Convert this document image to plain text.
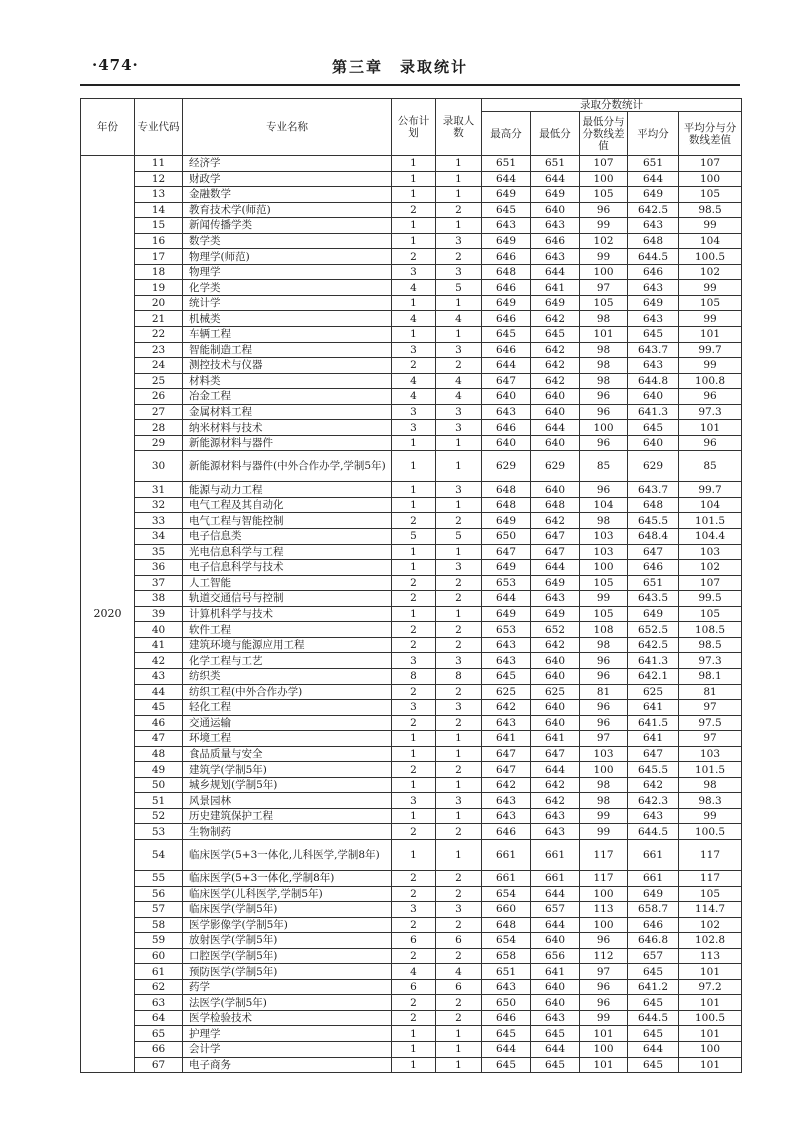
·474·	第三章　录取统计
年份	专业代码	专业名称	公布计划	录取人数	录取分数统计				
					最高分	最低分	最低分与分数线差值	平均分	平均分与分数线差值
2020	11	经济学	1	1	651	651	107	651	107
	12	财政学	1	1	644	644	100	644	100
	13	金融数学	1	1	649	649	105	649	105
	14	教育技术学(师范)	2	2	645	640	96	642.5	98.5
	15	新闻传播学类	1	1	643	643	99	643	99
	16	数学类	1	3	649	646	102	648	104
	17	物理学(师范)	2	2	646	643	99	644.5	100.5
	18	物理学	3	3	648	644	100	646	102
	19	化学类	4	5	646	641	97	643	99
	20	统计学	1	1	649	649	105	649	105
	21	机械类	4	4	646	642	98	643	99
	22	车辆工程	1	1	645	645	101	645	101
	23	智能制造工程	3	3	646	642	98	643.7	99.7
	24	测控技术与仪器	2	2	644	642	98	643	99
	25	材料类	4	4	647	642	98	644.8	100.8
	26	冶金工程	4	4	640	640	96	640	96
	27	金属材料工程	3	3	643	640	96	641.3	97.3
	28	纳米材料与技术	3	3	646	644	100	645	101
	29	新能源材料与器件	1	1	640	640	96	640	96
	30	新能源材料与器件(中外合作办学,学制5年)	1	1	629	629	85	629	85
	31	能源与动力工程	1	3	648	640	96	643.7	99.7
	32	电气工程及其自动化	1	1	648	648	104	648	104
	33	电气工程与智能控制	2	2	649	642	98	645.5	101.5
	34	电子信息类	5	5	650	647	103	648.4	104.4
	35	光电信息科学与工程	1	1	647	647	103	647	103
	36	电子信息科学与技术	1	3	649	644	100	646	102
	37	人工智能	2	2	653	649	105	651	107
	38	轨道交通信号与控制	2	2	644	643	99	643.5	99.5
	39	计算机科学与技术	1	1	649	649	105	649	105
	40	软件工程	2	2	653	652	108	652.5	108.5
	41	建筑环境与能源应用工程	2	2	643	642	98	642.5	98.5
	42	化学工程与工艺	3	3	643	640	96	641.3	97.3
	43	纺织类	8	8	645	640	96	642.1	98.1
	44	纺织工程(中外合作办学)	2	2	625	625	81	625	81
	45	轻化工程	3	3	642	640	96	641	97
	46	交通运输	2	2	643	640	96	641.5	97.5
	47	环境工程	1	1	641	641	97	641	97
	48	食品质量与安全	1	1	647	647	103	647	103
	49	建筑学(学制5年)	2	2	647	644	100	645.5	101.5
	50	城乡规划(学制5年)	1	1	642	642	98	642	98
	51	风景园林	3	3	643	642	98	642.3	98.3
	52	历史建筑保护工程	1	1	643	643	99	643	99
	53	生物制药	2	2	646	643	99	644.5	100.5
	54	临床医学(5+3一体化,儿科医学,学制8年)	1	1	661	661	117	661	117
	55	临床医学(5+3一体化,学制8年)	2	2	661	661	117	661	117
	56	临床医学(儿科医学,学制5年)	2	2	654	644	100	649	105
	57	临床医学(学制5年)	3	3	660	657	113	658.7	114.7
	58	医学影像学(学制5年)	2	2	648	644	100	646	102
	59	放射医学(学制5年)	6	6	654	640	96	646.8	102.8
	60	口腔医学(学制5年)	2	2	658	656	112	657	113
	61	预防医学(学制5年)	4	4	651	641	97	645	101
	62	药学	6	6	643	640	96	641.2	97.2
	63	法医学(学制5年)	2	2	650	640	96	645	101
	64	医学检验技术	2	2	646	643	99	644.5	100.5
	65	护理学	1	1	645	645	101	645	101
	66	会计学	1	1	644	644	100	644	100
	67	电子商务	1	1	645	645	101	645	101
